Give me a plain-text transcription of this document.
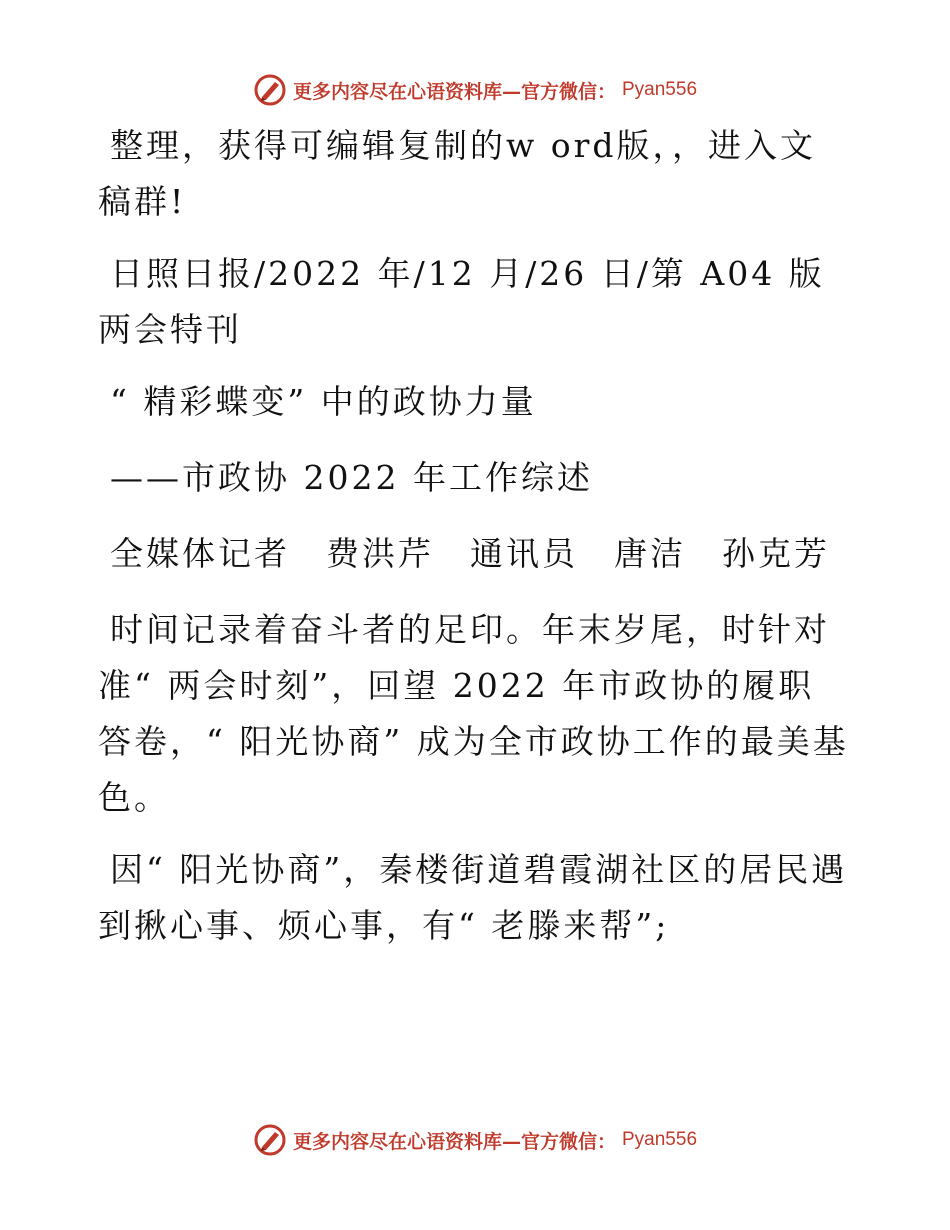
更多内容尽在心语资料库—官方微信： Pyan556

整理，获得可编辑复制的w ord版，，进入文稿群!

日照日报/2022 年/12 月/26 日/第 A04 版两会特刊

“ 精彩蝶变” 中的政协力量

——市政协 2022 年工作综述

全媒体记者　费洪芹　通讯员　唐洁　孙克芳

时间记录着奋斗者的足印。年末岁尾，时针对准“ 两会时刻”，回望 2022 年市政协的履职答卷，“ 阳光协商” 成为全市政协工作的最美基色。

因“ 阳光协商”，秦楼街道碧霞湖社区的居民遇到揪心事、烦心事，有“ 老滕来帮”;

更多内容尽在心语资料库—官方微信： Pyan556
